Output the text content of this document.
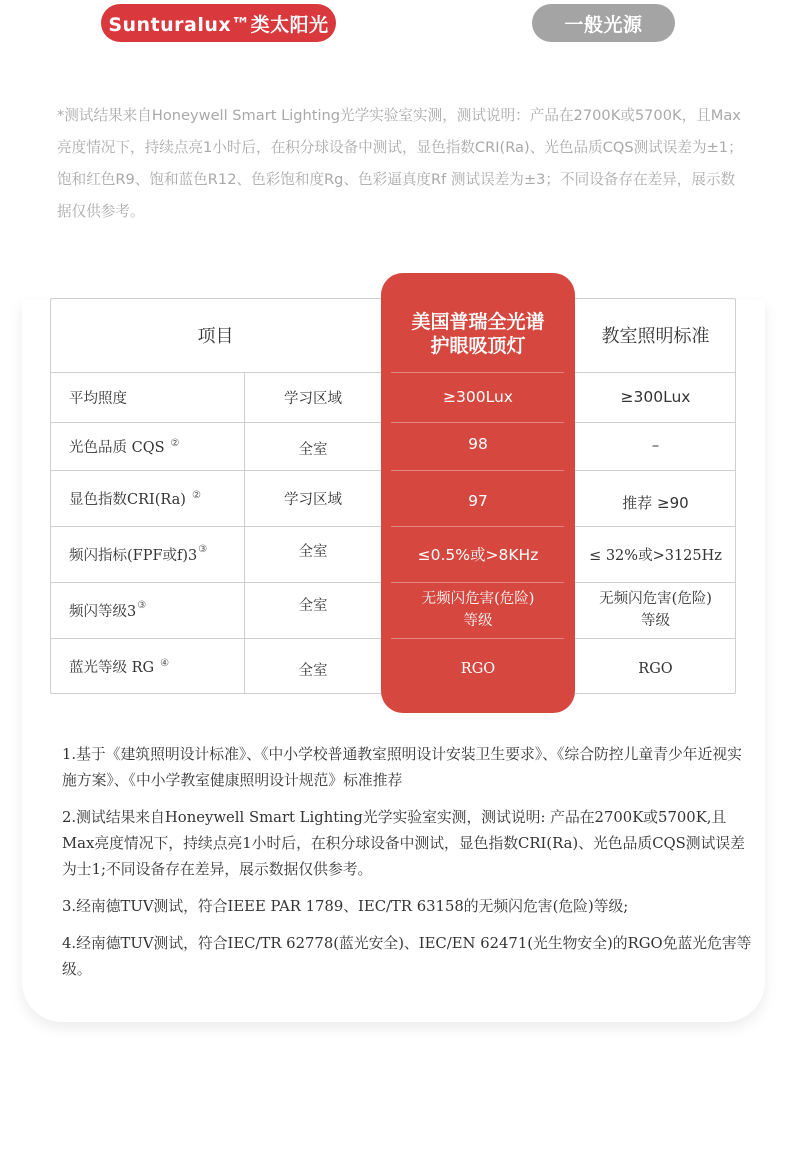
Sunturalux™类太阳光	一般光源
*测试结果来自Honeywell Smart Lighting光学实验室实测，测试说明：产品在2700K或5700K，且Max亮度情况下，持续点亮1小时后，在积分球设备中测试，显色指数CRI(Ra)、光色品质CQS测试误差为±1；饱和红色R9、饱和蓝色R12、色彩饱和度Rg、色彩逼真度Rf 测试误差为±3；不同设备存在差异，展示数据仅供参考。
项目	教室照明标准
平均照度
光色品质 CQS ②
显色指数CRI(Ra) ②
频闪指标(FPF或f)3 ③
频闪等级3 ③
蓝光等级 RG ④
学习区域
全室
学习区域
全室
全室
全室
≥300Lux
–
推荐 ≥90
≤ 32%或>3125Hz
无频闪危害(危险)
等级
RGO
美国普瑞全光谱
护眼吸顶灯
≥300Lux
98
97
≤0.5%或>8KHz
无频闪危害(危险)
等级
RGO

1.基于《建筑照明设计标准》、《中小学校普通教室照明设计安装卫生要求》、《综合防控儿童青少年近视实施方案》、《中小学教室健康照明设计规范》标准推荐

2.测试结果来自Honeywell Smart Lighting光学实验室实测，测试说明: 产品在2700K或5700K,且Max亮度情况下，持续点亮1小时后，在积分球设备中测试，显色指数CRI(Ra)、光色品质CQS测试误差为士1;不同设备存在差异，展示数据仅供参考。

3.经南德TUV测试，符合IEEE PAR 1789、IEC/TR 63158的无频闪危害(危险)等级;

4.经南德TUV测试，符合IEC/TR 62778(蓝光安全)、IEC/EN 62471(光生物安全)的RGO免蓝光危害等级。
